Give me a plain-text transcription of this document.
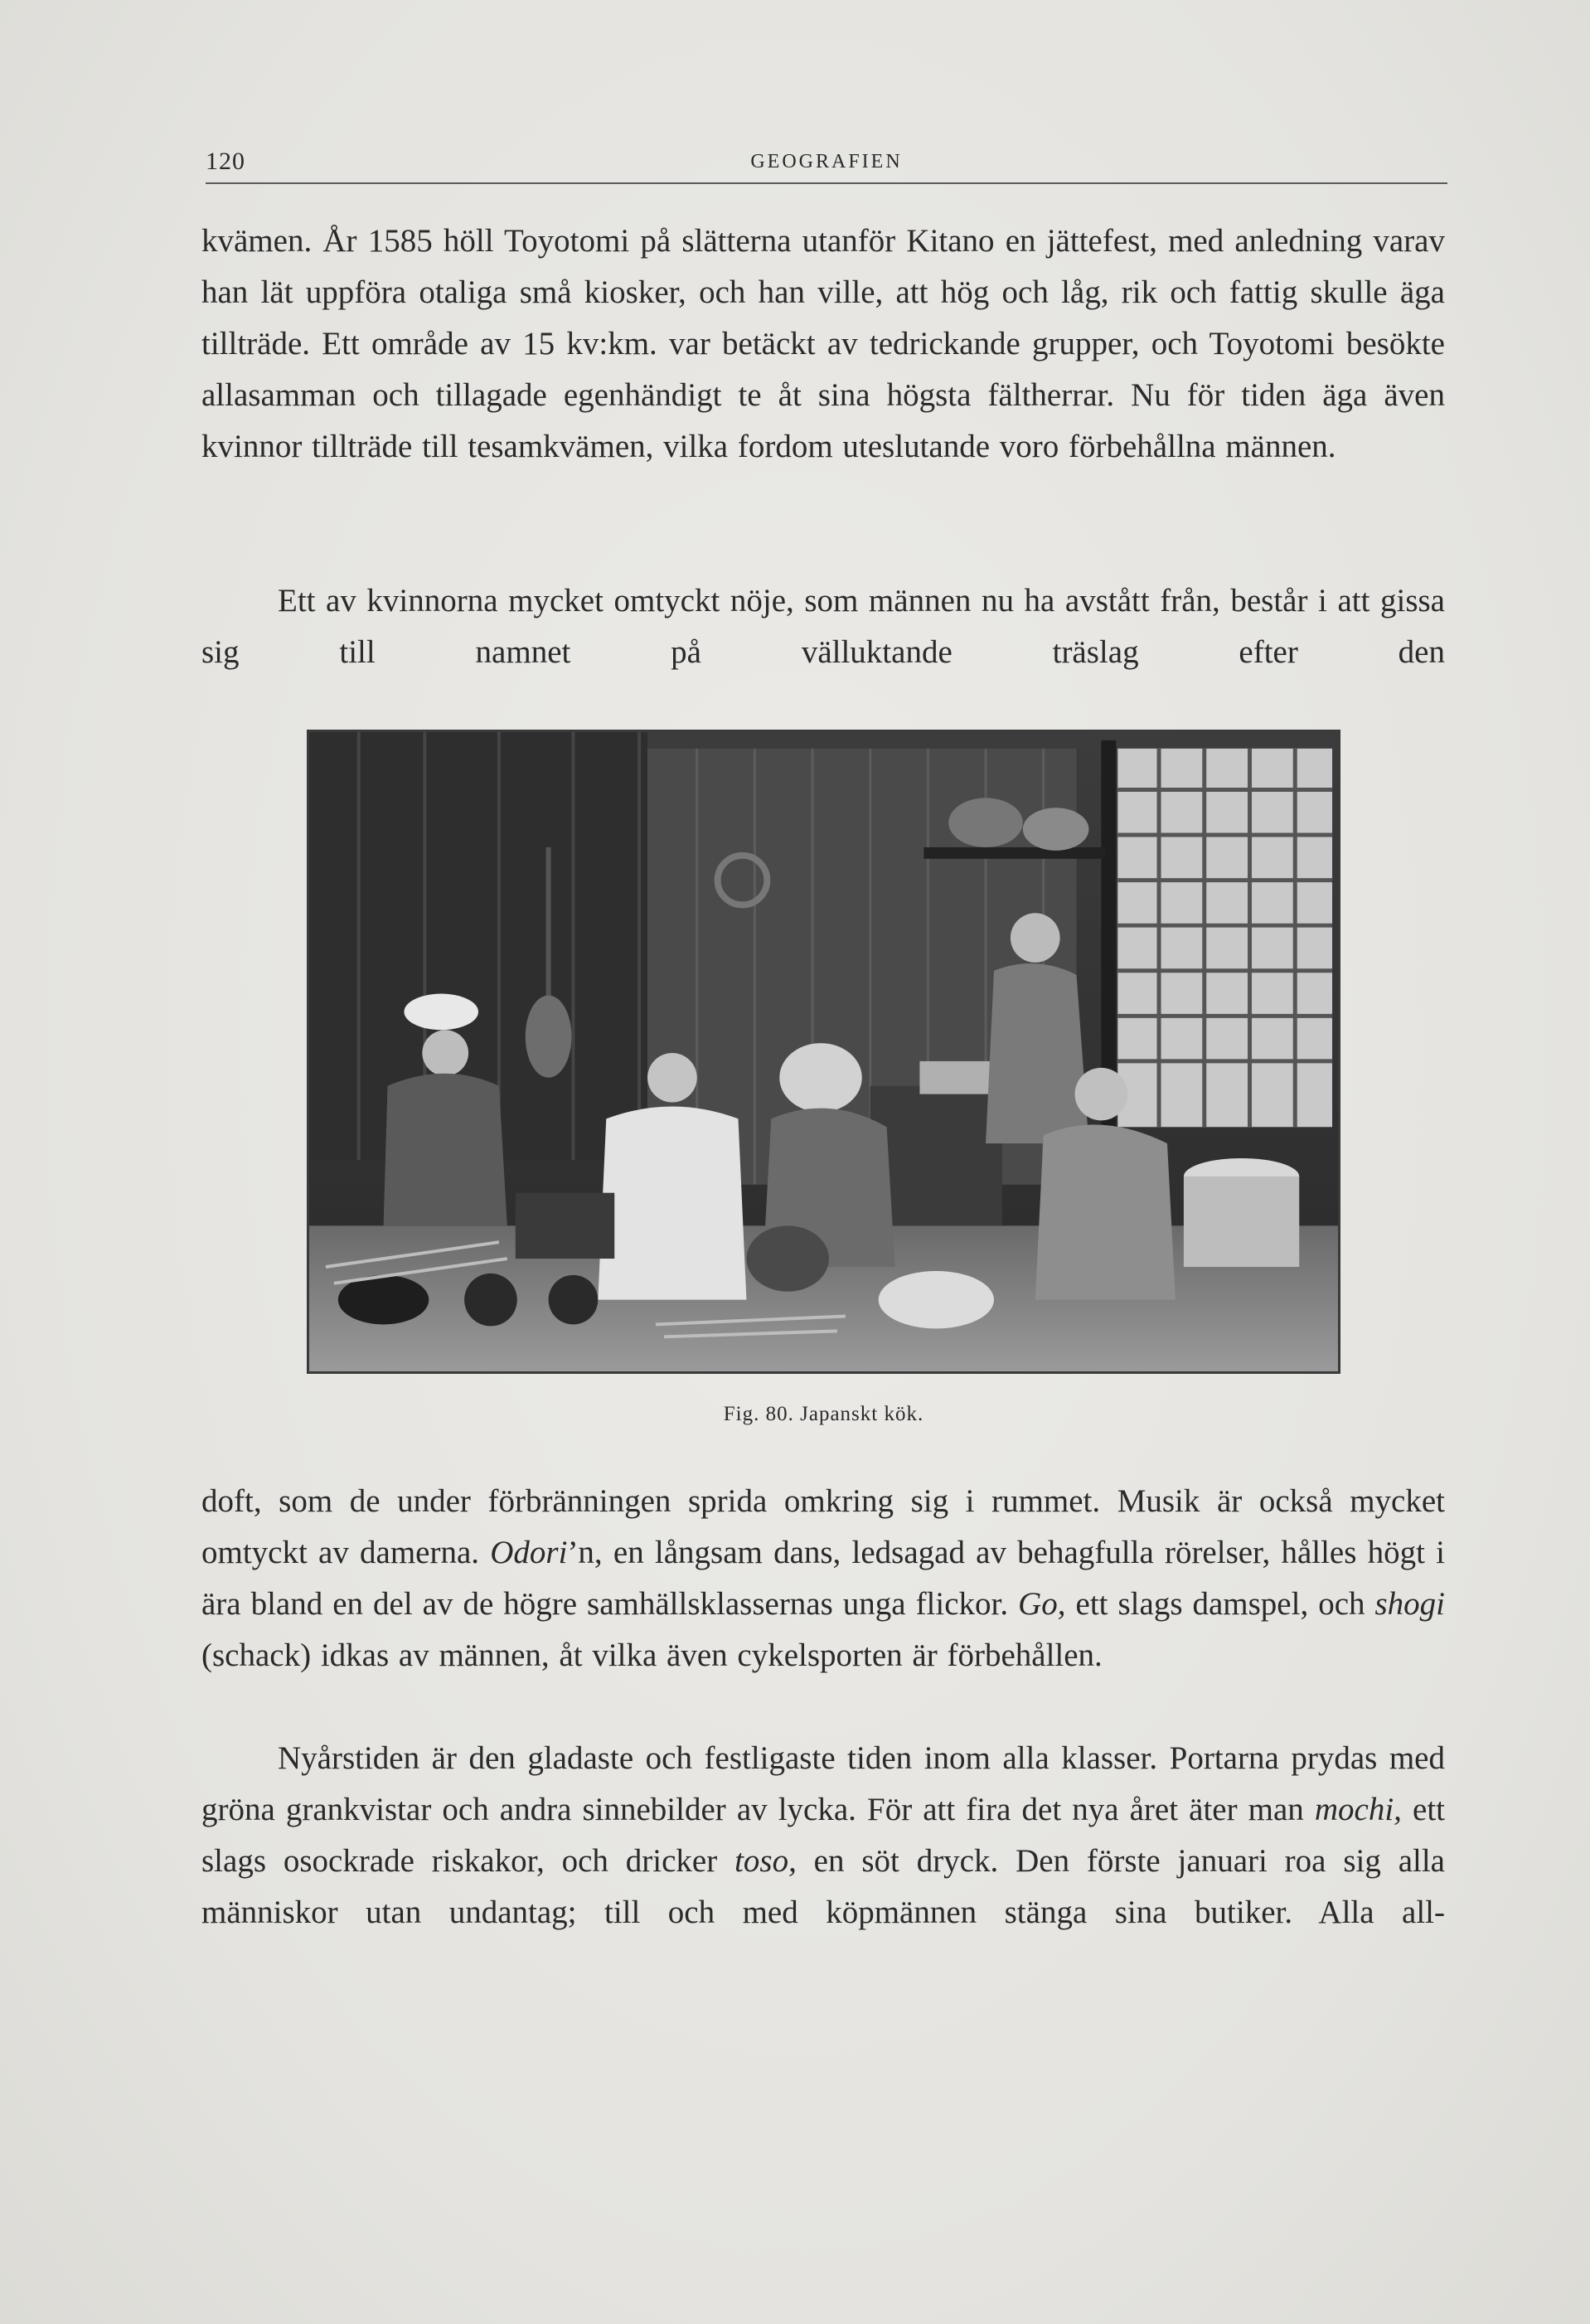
120	GEOGRAFIEN

kvämen. År 1585 höll Toyotomi på slätterna utanför Kitano en jättefest, med anledning varav han lät uppföra otaliga små kiosker, och han ville, att hög och låg, rik och fattig skulle äga tillträde. Ett område av 15 kv:km. var betäckt av tedrickande grupper, och Toyotomi besökte allasamman och tillagade egenhändigt te åt sina högsta fältherrar. Nu för tiden äga även kvinnor tillträde till tesamkvämen, vilka fordom uteslutande voro förbehållna männen.

Ett av kvinnorna mycket omtyckt nöje, som männen nu ha avstått från, består i att gissa sig till namnet på välluktande träslag efter den

Fig. 80. Japanskt kök.

doft, som de under förbränningen sprida omkring sig i rummet. Musik är också mycket omtyckt av damerna. Odori’n, en långsam dans, ledsagad av behagfulla rörelser, hålles högt i ära bland en del av de högre samhällsklassernas unga flickor. Go, ett slags damspel, och shogi (schack) idkas av männen, åt vilka även cykelsporten är förbehållen.

Nyårstiden är den gladaste och festligaste tiden inom alla klasser. Portarna prydas med gröna grankvistar och andra sinnebilder av lycka. För att fira det nya året äter man mochi, ett slags osockrade riskakor, och dricker toso, en söt dryck. Den förste januari roa sig alla människor utan undantag; till och med köpmännen stänga sina butiker. Alla all-
